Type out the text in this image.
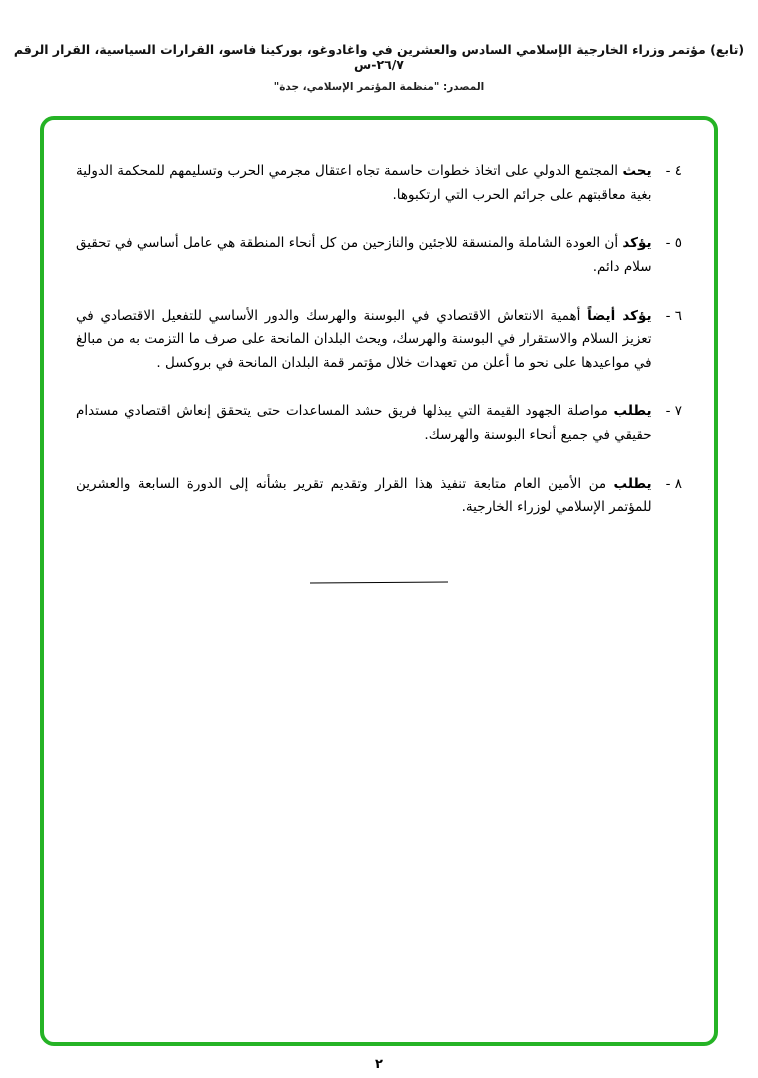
(تابع) مؤتمر وزراء الخارجية الإسلامي السادس والعشرين في واغادوغو، بوركينا فاسو، القرارات السياسية، القرار الرقم ٢٦/٧-س
المصدر: "منظمة المؤتمر الإسلامي، جدة"
٤ -
يحث المجتمع الدولي على اتخاذ خطوات حاسمة تجاه اعتقال مجرمي الحرب وتسليمهم للمحكمة الدولية بغية معاقبتهم على جرائم الحرب التي ارتكبوها.
٥ -
يؤكد أن العودة الشاملة والمنسقة للاجئين والنازحين من كل أنحاء المنطقة هي عامل أساسي في تحقيق سلام دائم.
٦ -
يؤكد أيضاً أهمية الانتعاش الاقتصادي في البوسنة والهرسك والدور الأساسي للتفعيل الاقتصادي في تعزيز السلام والاستقرار في البوسنة والهرسك، ويحث البلدان المانحة على صرف ما التزمت به من مبالغ في مواعيدها على نحو ما أعلن من تعهدات خلال مؤتمر قمة البلدان المانحة في بروكسل .
٧ -
يطلب مواصلة الجهود القيمة التي يبذلها فريق حشد المساعدات حتى يتحقق إنعاش اقتصادي مستدام حقيقي في جميع أنحاء البوسنة والهرسك.
٨ -
يطلب من الأمين العام متابعة تنفيذ هذا القرار وتقديم تقرير بشأنه إلى الدورة السابعة والعشرين للمؤتمر الإسلامي لوزراء الخارجية.
٢
